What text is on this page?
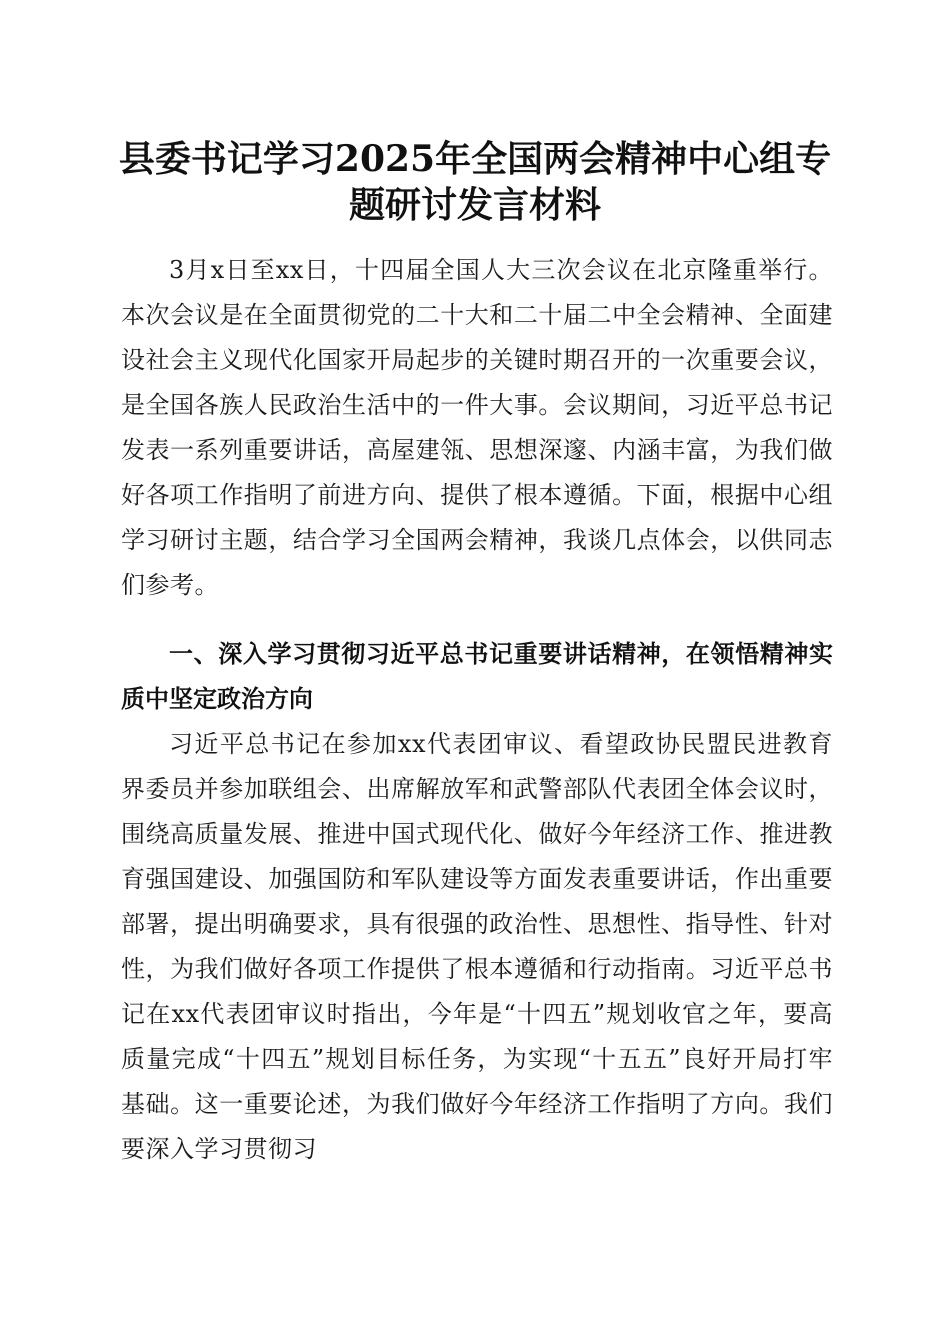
县委书记学习2025年全国两会精神中心组专题研讨发言材料

3月x日至xx日，十四届全国人大三次会议在北京隆重举行。本次会议是在全面贯彻党的二十大和二十届二中全会精神、全面建设社会主义现代化国家开局起步的关键时期召开的一次重要会议，是全国各族人民政治生活中的一件大事。会议期间，习近平总书记发表一系列重要讲话，高屋建瓴、思想深邃、内涵丰富，为我们做好各项工作指明了前进方向、提供了根本遵循。下面，根据中心组学习研讨主题，结合学习全国两会精神，我谈几点体会，以供同志们参考。

一、深入学习贯彻习近平总书记重要讲话精神，在领悟精神实质中坚定政治方向

习近平总书记在参加xx代表团审议、看望政协民盟民进教育界委员并参加联组会、出席解放军和武警部队代表团全体会议时，围绕高质量发展、推进中国式现代化、做好今年经济工作、推进教育强国建设、加强国防和军队建设等方面发表重要讲话，作出重要部署，提出明确要求，具有很强的政治性、思想性、指导性、针对性，为我们做好各项工作提供了根本遵循和行动指南。习近平总书记在xx代表团审议时指出，今年是“十四五”规划收官之年，要高质量完成“十四五”规划目标任务，为实现“十五五”良好开局打牢基础。这一重要论述，为我们做好今年经济工作指明了方向。我们要深入学习贯彻习
